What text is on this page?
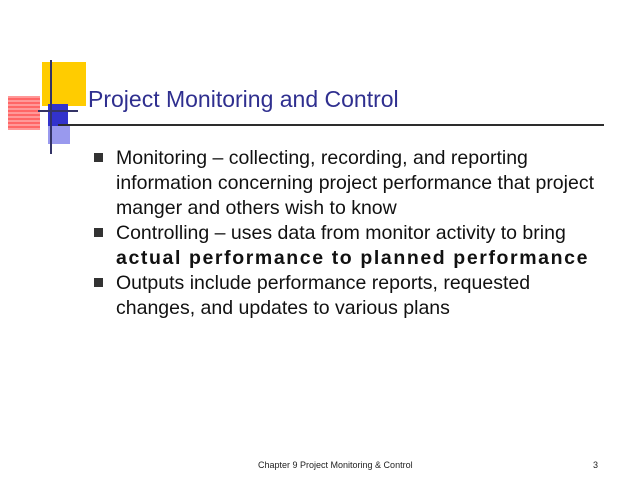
Project Monitoring and Control
Monitoring – collecting, recording, and reporting information concerning project performance that project manger and others wish to know
Controlling – uses data from monitor activity to bring actual performance to planned performance
Outputs include performance reports, requested changes, and updates to various plans
Chapter 9 Project Monitoring & Control	3
